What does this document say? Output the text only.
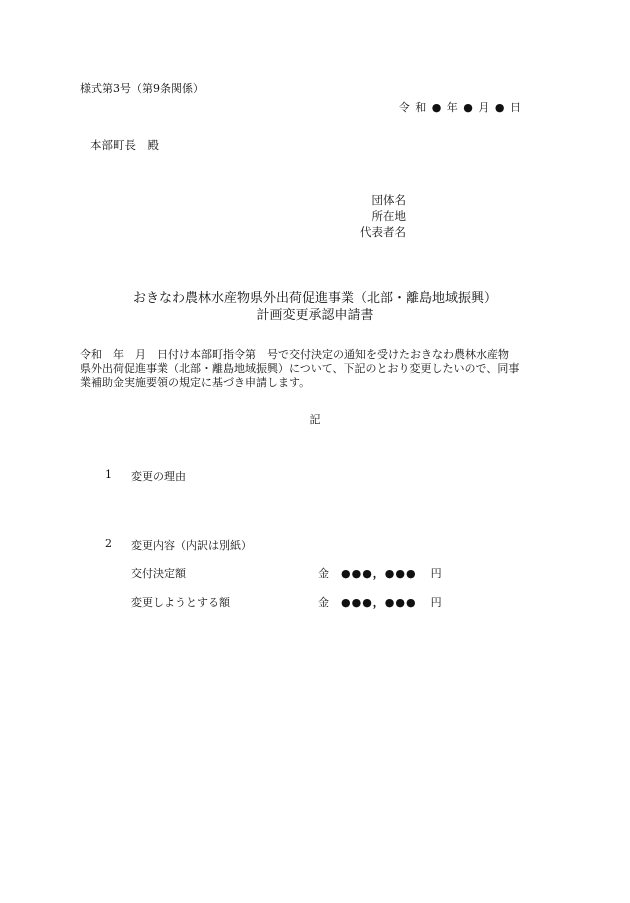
様式第3号（第9条関係）
令 和 ● 年 ● 月 ● 日
本部町長　殿
団体名
所在地
代表者名
おきなわ農林水産物県外出荷促進事業（北部・離島地域振興）
計画変更承認申請書
令和　年　月　日付け本部町指令第　号で交付決定の通知を受けたおきなわ農林水産物
県外出荷促進事業（北部・離島地域振興）について、下記のとおり変更したいので、同事
業補助金実施要領の規定に基づき申請します。
記
1 変更の理由
2 変更内容（内訳は別紙）
交付決定額	金 ●●●，●●● 円
変更しようとする額	金 ●●●，●●● 円
